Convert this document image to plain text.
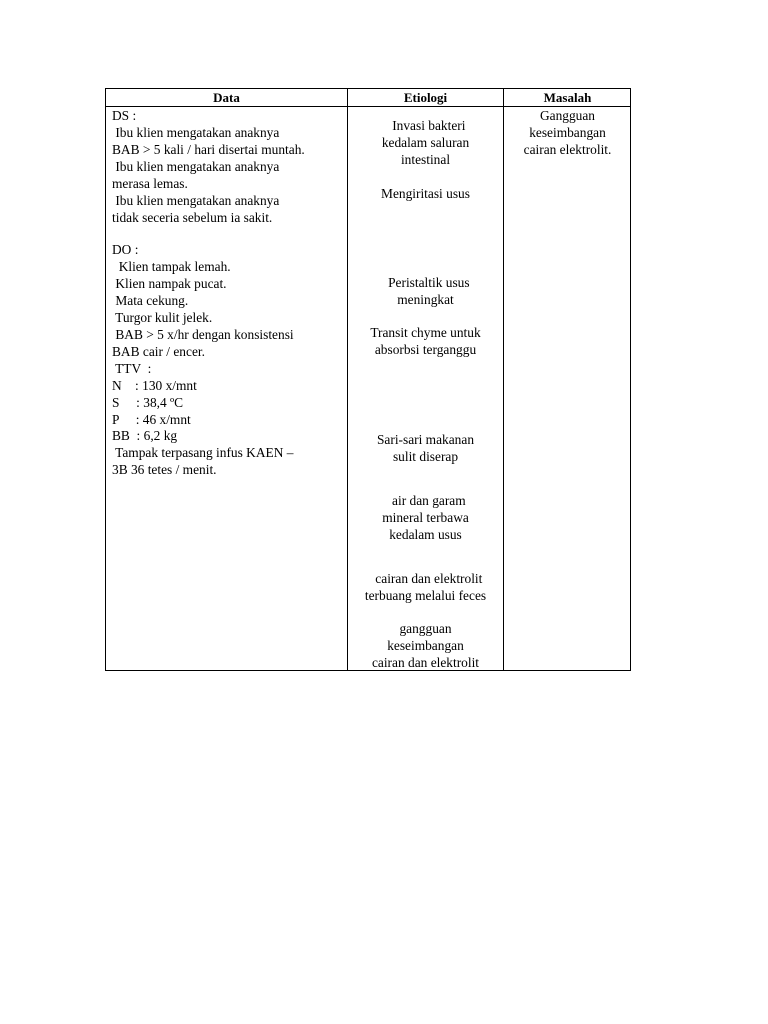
Data	Etiologi	Masalah
DS :
Ibu klien mengatakan anaknya
BAB > 5 kali / hari disertai muntah.
Ibu klien mengatakan anaknya
merasa lemas.
Ibu klien mengatakan anaknya
tidak seceria sebelum ia sakit.
DO :
Klien tampak lemah.
Klien nampak pucat.
Mata cekung.
Turgor kulit jelek.
BAB > 5 x/hr dengan konsistensi
BAB cair / encer.
TTV  :
N    : 130 x/mnt
S     : 38,4 ºC
P     : 46 x/mnt
BB  : 6,2 kg
Tampak terpasang infus KAEN –
3B 36 tetes / menit.
Invasi bakteri
kedalam saluran
intestinal
Mengiritasi usus
Peristaltik usus
meningkat
Transit chyme untuk
absorbsi terganggu
Sari-sari makanan
sulit diserap
air dan garam
mineral terbawa
kedalam usus
cairan dan elektrolit
terbuang melalui feces
gangguan
keseimbangan
cairan dan elektrolit
Gangguan
keseimbangan
cairan elektrolit.
